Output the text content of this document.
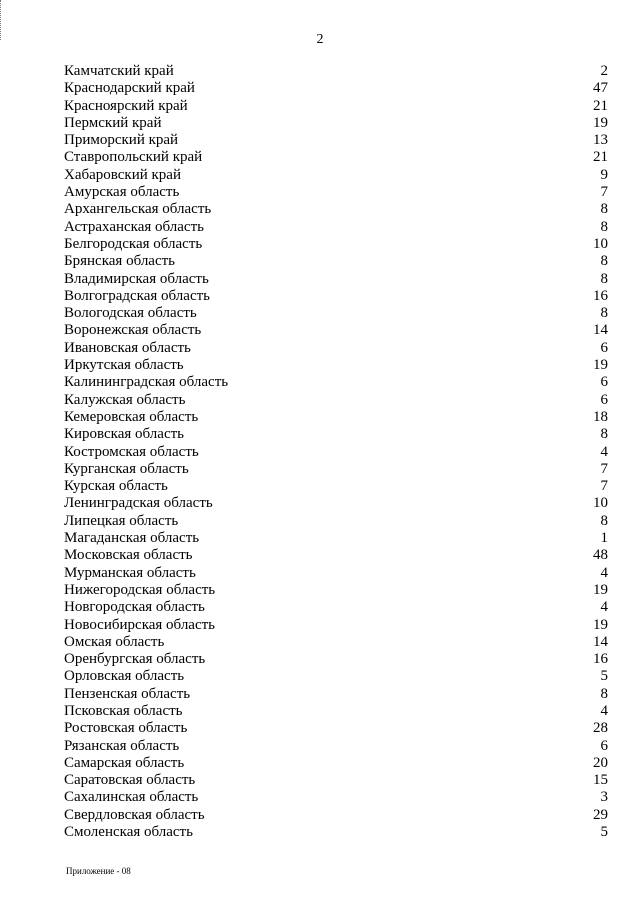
2
Камчатский край	2
Краснодарский край	47
Красноярский край	21
Пермский край	19
Приморский край	13
Ставропольский край	21
Хабаровский край	9
Амурская область	7
Архангельская область	8
Астраханская область	8
Белгородская область	10
Брянская область	8
Владимирская область	8
Волгоградская область	16
Вологодская область	8
Воронежская область	14
Ивановская область	6
Иркутская область	19
Калининградская область	6
Калужская область	6
Кемеровская область	18
Кировская область	8
Костромская область	4
Курганская область	7
Курская область	7
Ленинградская область	10
Липецкая область	8
Магаданская область	1
Московская область	48
Мурманская область	4
Нижегородская область	19
Новгородская область	4
Новосибирская область	19
Омская область	14
Оренбургская область	16
Орловская область	5
Пензенская область	8
Псковская область	4
Ростовская область	28
Рязанская область	6
Самарская область	20
Саратовская область	15
Сахалинская область	3
Свердловская область	29
Смоленская область	5
Приложение - 08
